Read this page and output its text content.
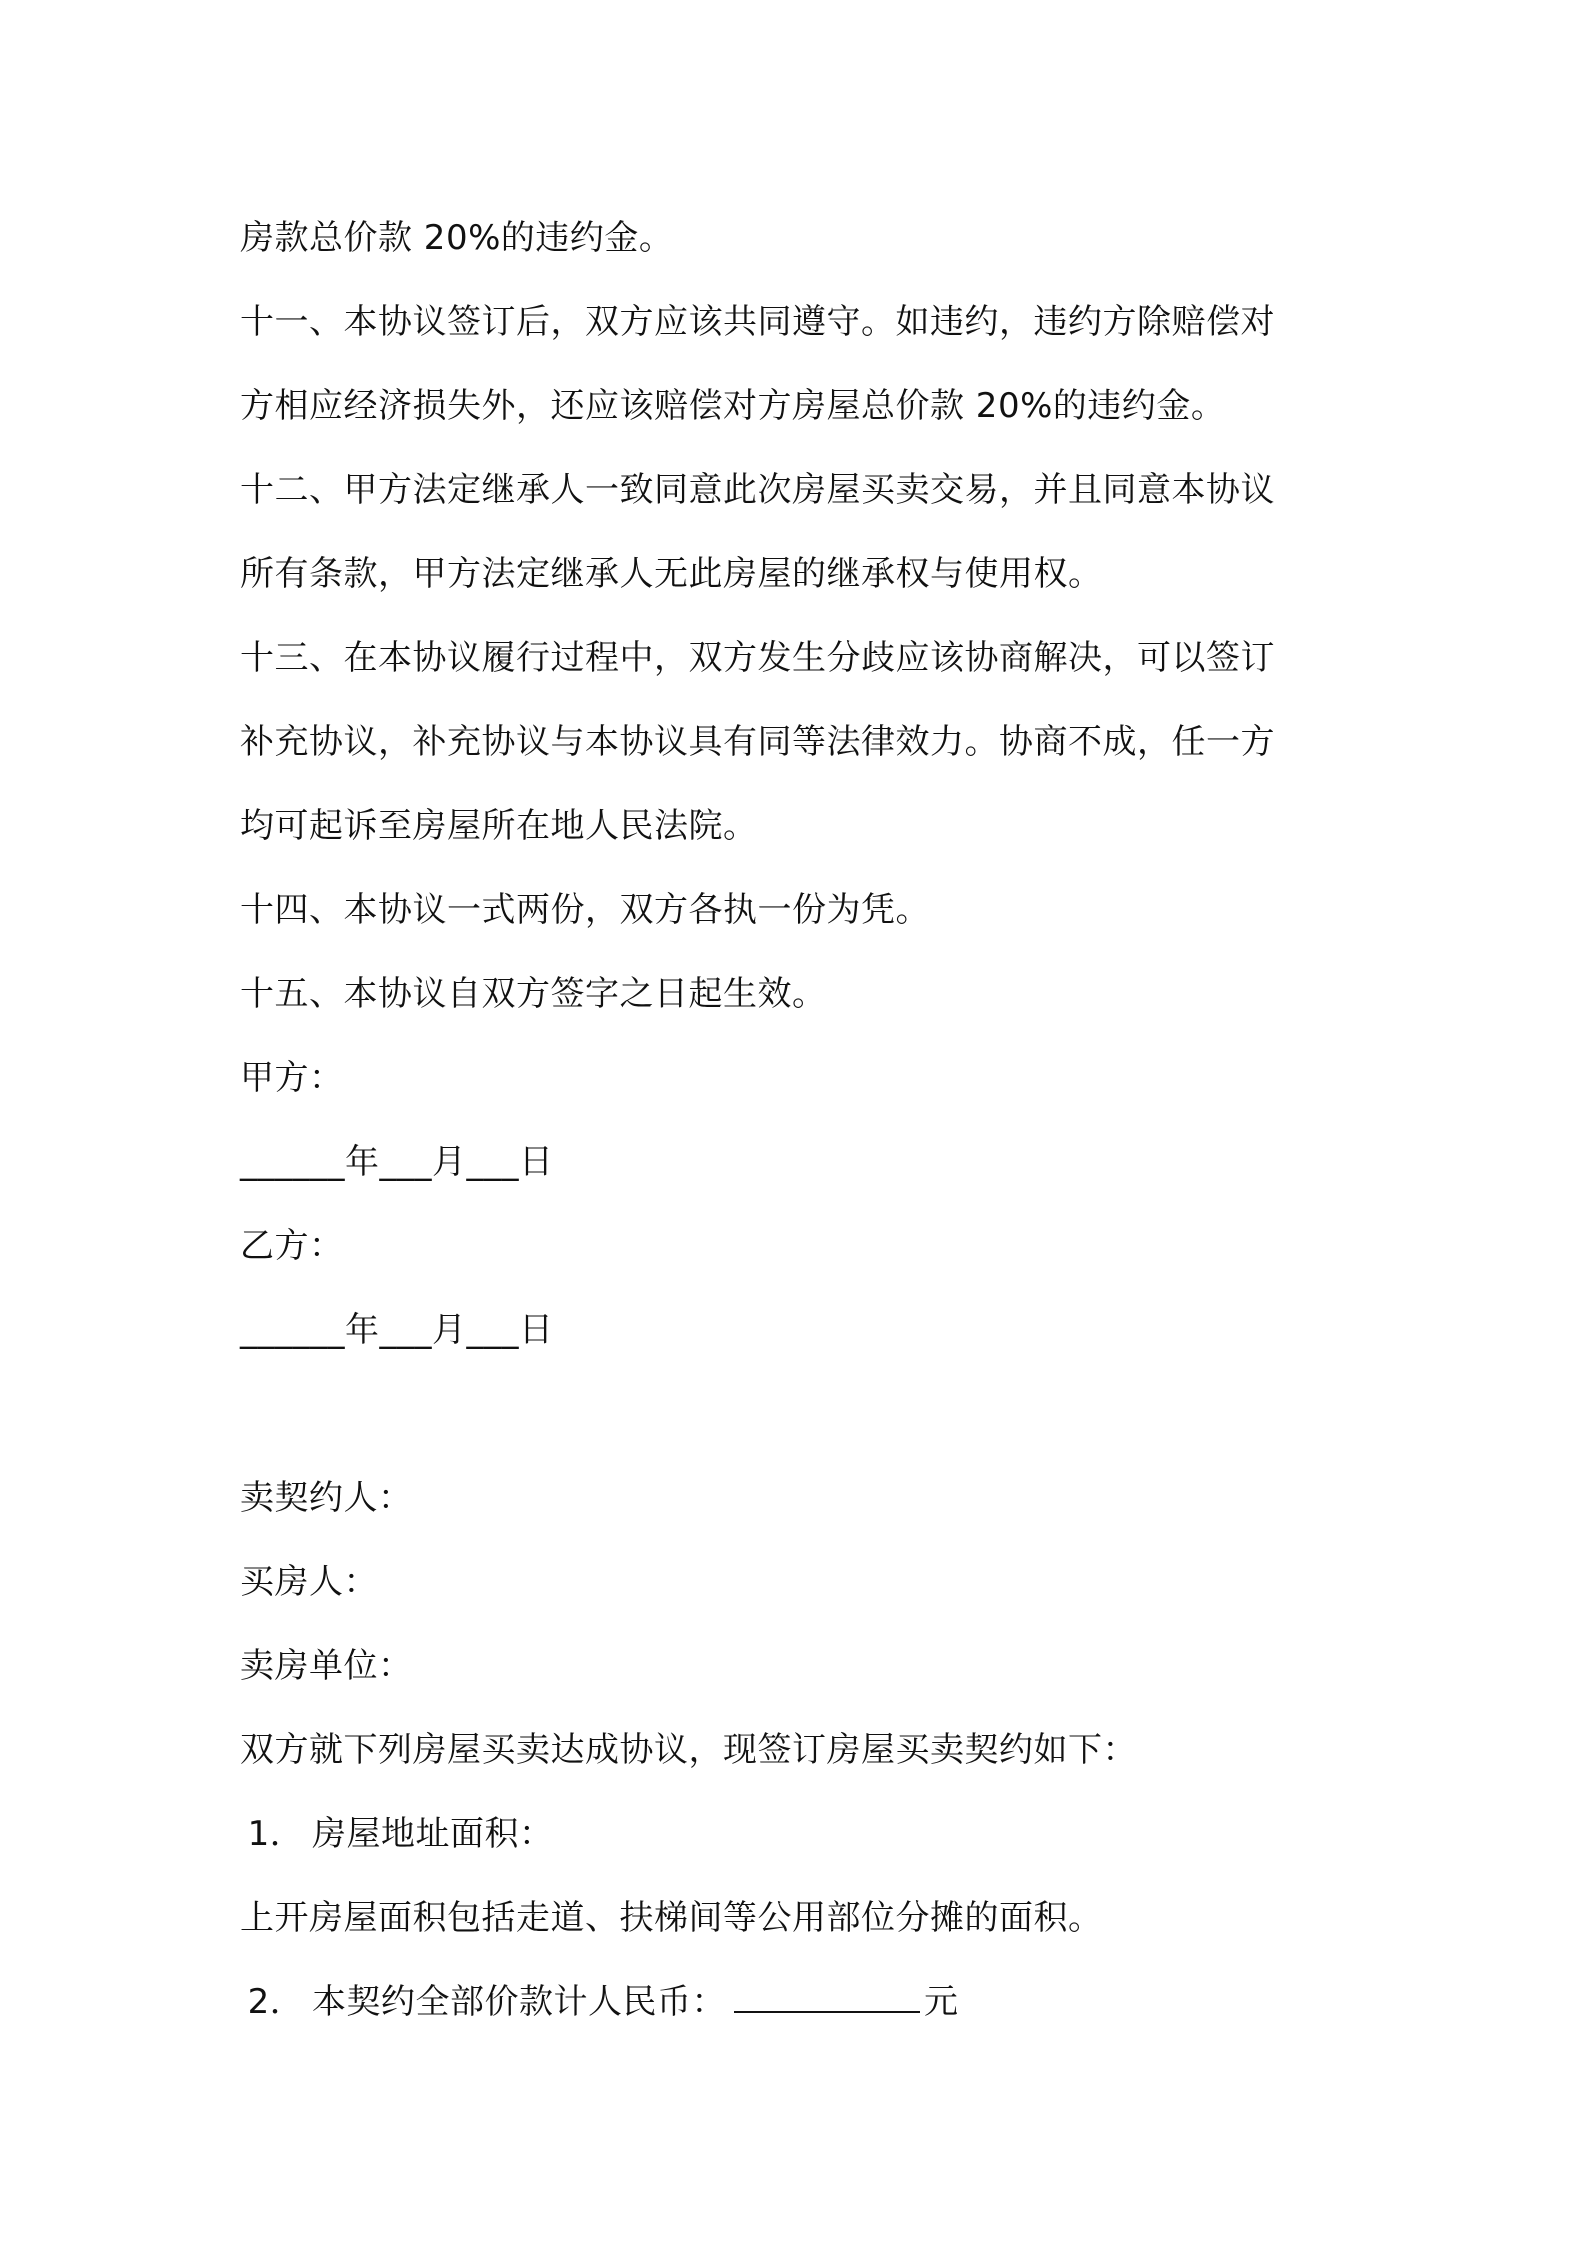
房款总价款 20%的违约金。
十一、本协议签订后，双方应该共同遵守。如违约，违约方除赔偿对
方相应经济损失外，还应该赔偿对方房屋总价款 20%的违约金。
十二、甲方法定继承人一致同意此次房屋买卖交易，并且同意本协议
所有条款，甲方法定继承人无此房屋的继承权与使用权。
十三、在本协议履行过程中，双方发生分歧应该协商解决，可以签订
补充协议，补充协议与本协议具有同等法律效力。协商不成，任一方
均可起诉至房屋所在地人民法院。
十四、本协议一式两份，双方各执一份为凭。
十五、本协议自双方签字之日起生效。
甲方：
______年___月___日
乙方：
______年___月___日
卖契约人：
买房人：
卖房单位：
双方就下列房屋买卖达成协议，现签订房屋买卖契约如下：
1． 房屋地址面积：
上开房屋面积包括走道、扶梯间等公用部位分摊的面积。
2． 本契约全部价款计人民币：	元
